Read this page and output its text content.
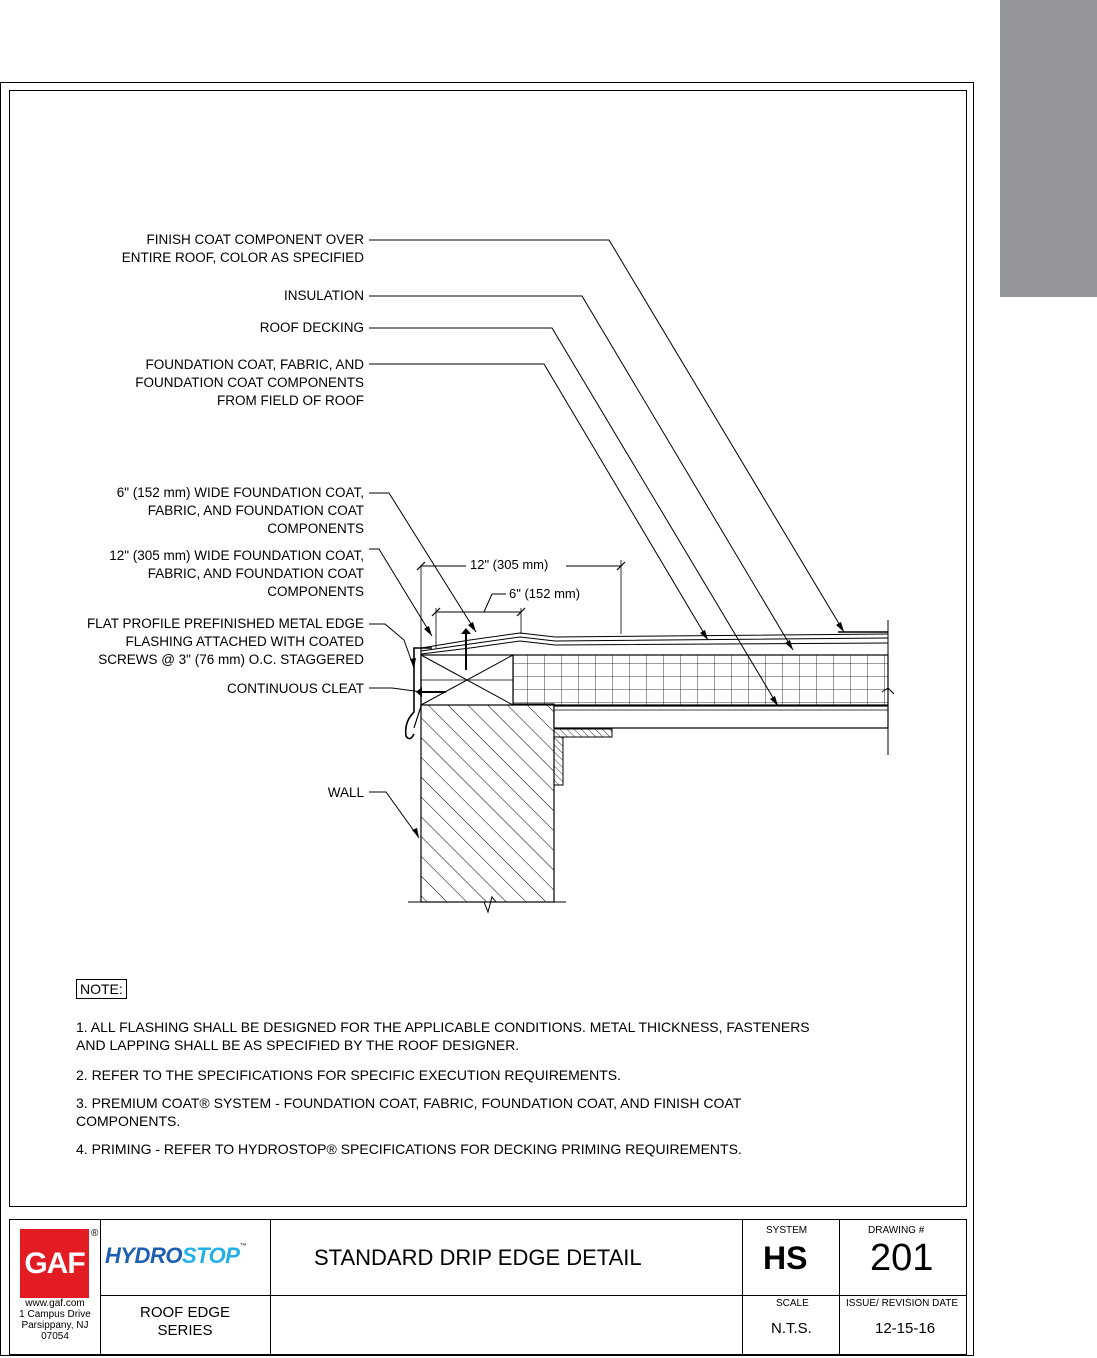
FINISH COAT COMPONENT OVER
ENTIRE ROOF, COLOR AS SPECIFIED
INSULATION
ROOF DECKING
FOUNDATION COAT, FABRIC, AND
FOUNDATION COAT COMPONENTS
FROM FIELD OF ROOF
6" (152 mm) WIDE FOUNDATION COAT,
FABRIC, AND FOUNDATION COAT
COMPONENTS
12" (305 mm) WIDE FOUNDATION COAT,
FABRIC, AND FOUNDATION COAT
COMPONENTS
FLAT PROFILE PREFINISHED METAL EDGE
FLASHING ATTACHED WITH COATED
SCREWS @ 3" (76 mm) O.C. STAGGERED
CONTINUOUS CLEAT
WALL
12" (305 mm)
6" (152 mm)
NOTE:
1. ALL FLASHING SHALL BE DESIGNED FOR THE APPLICABLE CONDITIONS. METAL THICKNESS, FASTENERS AND LAPPING SHALL BE AS SPECIFIED BY THE ROOF DESIGNER.
2. REFER TO THE SPECIFICATIONS FOR SPECIFIC EXECUTION REQUIREMENTS.
3. PREMIUM COAT® SYSTEM - FOUNDATION COAT, FABRIC, FOUNDATION COAT, AND FINISH COAT COMPONENTS.
4. PRIMING - REFER TO HYDROSTOP® SPECIFICATIONS FOR DECKING PRIMING REQUIREMENTS.
GAF
®
www.gaf.com
1 Campus Drive
Parsippany, NJ
07054
HYDROSTOP™	STANDARD DRIP EDGE DETAIL
ROOF EDGE
SERIES
SYSTEM
HS
DRAWING #
201
SCALE
N.T.S.
ISSUE/ REVISION DATE
12-15-16
